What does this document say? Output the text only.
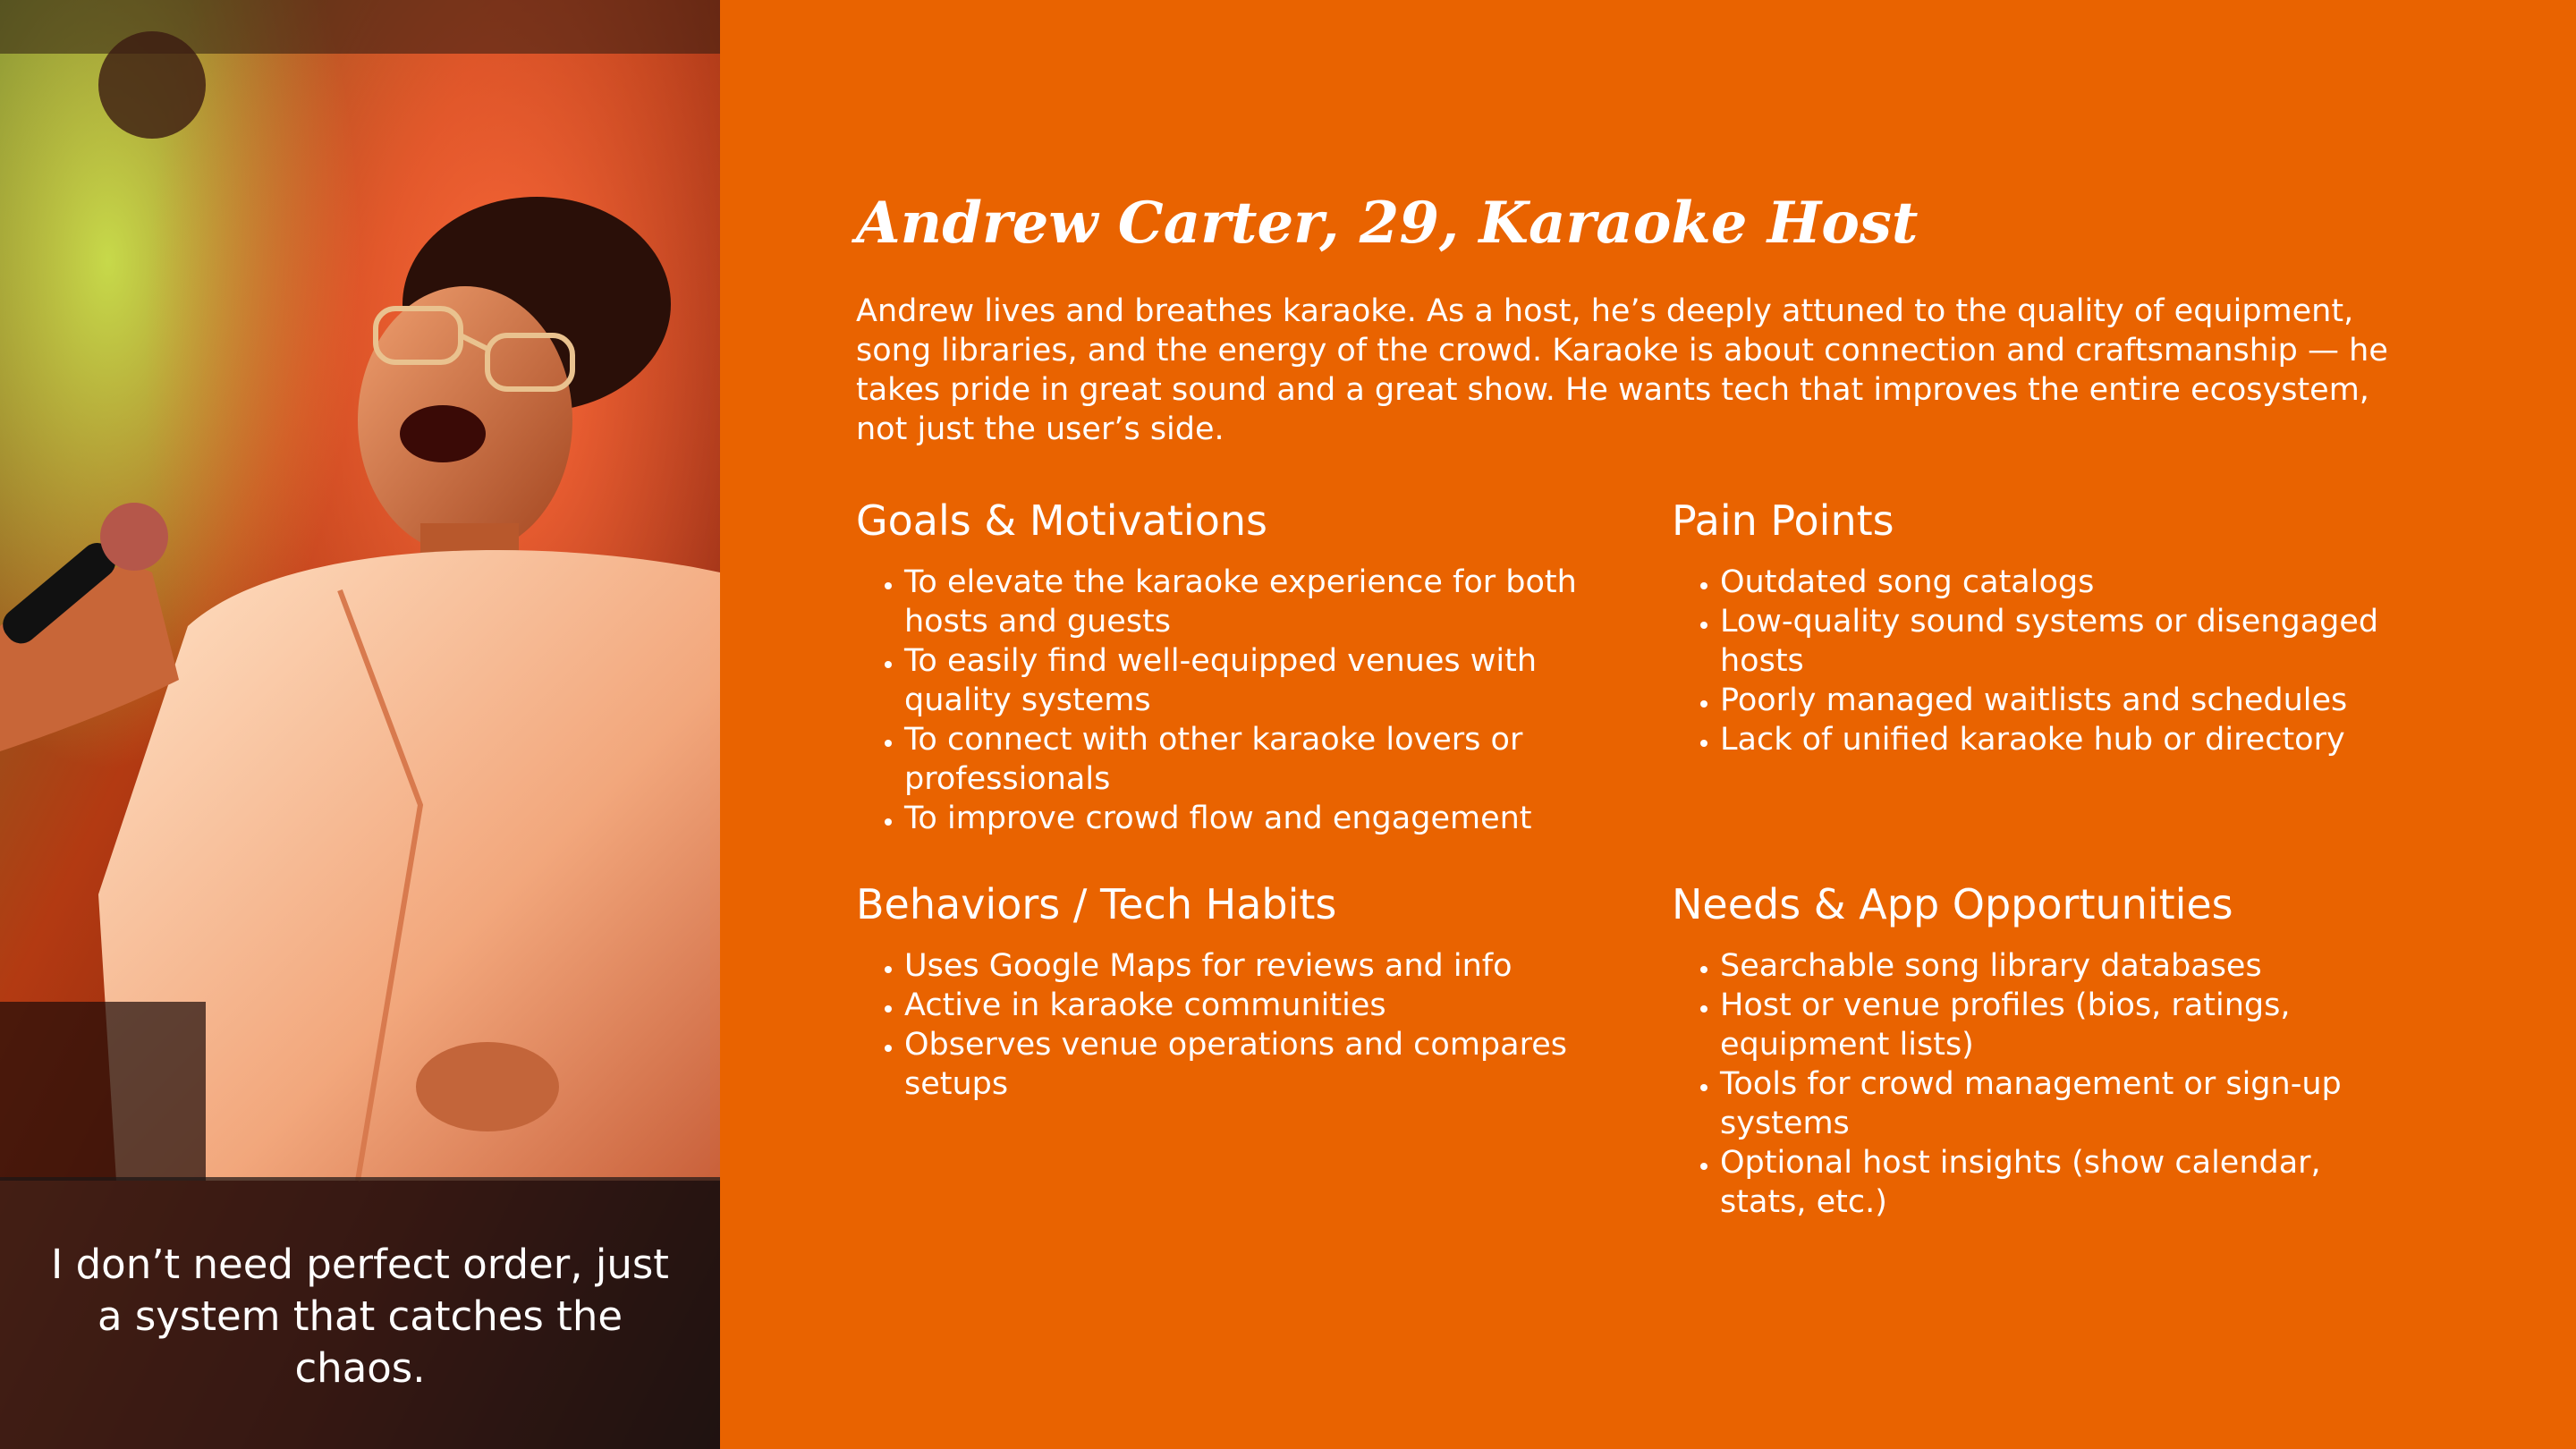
I don’t need perfect order, just a system that catches the chaos.
Andrew Carter, 29, Karaoke Host
Andrew lives and breathes karaoke. As a host, he’s deeply attuned to the quality of equipment, song libraries, and the energy of the crowd. Karaoke is about connection and craftsmanship — he takes pride in great sound and a great show. He wants tech that improves the entire ecosystem, not just the user’s side.
Goals & Motivations
• To elevate the karaoke experience for both hosts and guests
• To easily find well-equipped venues with quality systems
• To connect with other karaoke lovers or professionals
• To improve crowd flow and engagement
Pain Points
• Outdated song catalogs
• Low-quality sound systems or disengaged hosts
• Poorly managed waitlists and schedules
• Lack of unified karaoke hub or directory
Behaviors / Tech Habits
• Uses Google Maps for reviews and info
• Active in karaoke communities
• Observes venue operations and compares setups
Needs & App Opportunities
• Searchable song library databases
• Host or venue profiles (bios, ratings, equipment lists)
• Tools for crowd management or sign-up systems
• Optional host insights (show calendar, stats, etc.)
